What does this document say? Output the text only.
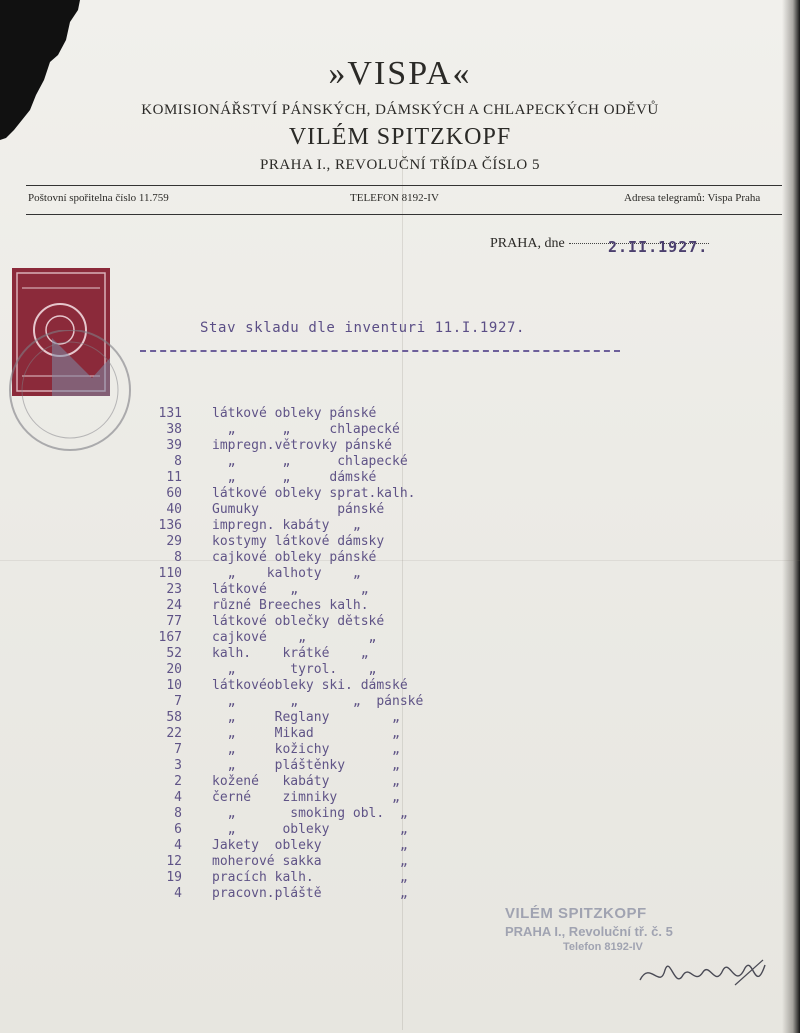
»VISPA«
KOMISIONÁŘSTVÍ PÁNSKÝCH, DÁMSKÝCH A CHLAPECKÝCH ODĚVŮ
VILÉM SPITZKOPF
PRAHA I., REVOLUČNÍ TŘÍDA ČÍSLO 5
Poštovní spořitelna číslo 11.759	TELEFON 8192-IV	Adresa telegramů: Vispa Praha
PRAHA, dne	2.II.1927.
Stav skladu dle inventuri 11.I.1927.
131	látkové obleky pánské
38	„      „     chlapecké
39	impregn.větrovky pánské
8	„      „      chlapecké
11	„      „     dámské
60	látkové obleky sprat.kalh.
40	Gumuky          pánské
136	impregn. kabáty   „
29	kostymy látkové dámsky
8	cajkové obleky pánské
110	„    kalhoty    „
23	látkové   „        „
24	různé Breeches kalh.
77	látkové oblečky dětské
167	cajkové    „        „
52	kalh.    krátké    „
20	„       tyrol.    „
10	látkovéobleky ski. dámské
7	„       „       „  pánské
58	„     Reglany        „
22	„     Mikad          „
7	„     kožichy        „
3	„     pláštěnky      „
2	kožené   kabáty        „
4	černé    zimniky       „
8	„       smoking obl.  „
6	„      obleky         „
4	Jakety  obleky          „
12	moherové sakka          „
19	pracích kalh.           „
4	pracovn.pláště          „
VILÉM SPITZKOPF
PRAHA I., Revoluční tř. č. 5
Telefon 8192-IV
